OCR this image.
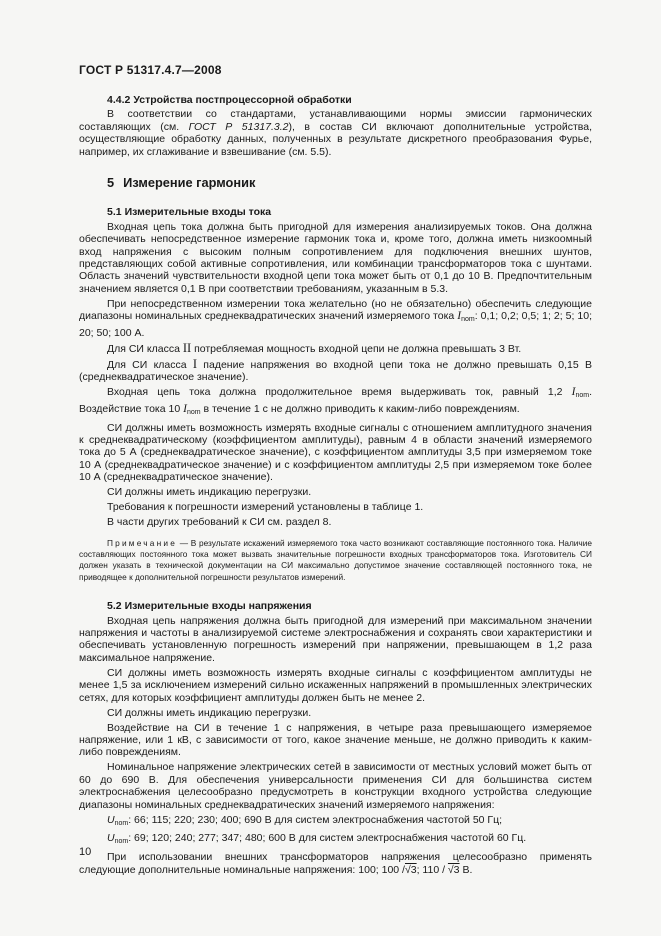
ГОСТ Р 51317.4.7—2008
4.4.2 Устройства постпроцессорной обработки

В соответствии со стандартами, устанавливающими нормы эмиссии гармонических составляющих (см. ГОСТ Р 51317.3.2), в состав СИ включают дополнительные устройства, осуществляющие обработку данных, полученных в результате дискретного преобразования Фурье, например, их сглаживание и взвешивание (см. 5.5).

5 Измерение гармоник
5.1 Измерительные входы тока

Входная цепь тока должна быть пригодной для измерения анализируемых токов. Она должна обеспечивать непосредственное измерение гармоник тока и, кроме того, должна иметь низкоомный вход напряжения с высоким полным сопротивлением для подключения внешних шунтов, представляющих собой активные сопротивления, или комбинации трансформаторов тока с шунтами. Область значений чувствительности входной цепи тока может быть от 0,1 до 10 В. Предпочтительным значением является 0,1 В при соответствии требованиям, указанным в 5.3.

При непосредственном измерении тока желательно (но не обязательно) обеспечить следующие диапазоны номинальных среднеквадратических значений измеряемого тока $I_{nom}$: 0,1; 0,2; 0,5; 1; 2; 5; 10; 20; 50; 100 А.

Для СИ класса II потребляемая мощность входной цепи не должна превышать 3 Вт.

Для СИ класса I падение напряжения во входной цепи тока не должно превышать 0,15 В (среднеквадратическое значение).

Входная цепь тока должна продолжительное время выдерживать ток, равный 1,2 $I_{nom}$. Воздействие тока 10 $I_{nom}$ в течение 1 с не должно приводить к каким-либо повреждениям.

СИ должны иметь возможность измерять входные сигналы с отношением амплитудного значения к среднеквадратическому (коэффициентом амплитуды), равным 4 в области значений измеряемого тока до 5 А (среднеквадратическое значение), с коэффициентом амплитуды 3,5 при измеряемом токе 10 А (среднеквадратическое значение) и с коэффициентом амплитуды 2,5 при измеряемом токе более 10 А (среднеквадратическое значение).

СИ должны иметь индикацию перегрузки.

Требования к погрешности измерений установлены в таблице 1.

В части других требований к СИ см. раздел 8.

Примечание — В результате искажений измеряемого тока часто возникают составляющие постоянного тока. Наличие составляющих постоянного тока может вызвать значительные погрешности входных трансформаторов тока. Изготовитель СИ должен указать в технической документации на СИ максимально допустимое значение составляющей постоянного тока, не приводящее к дополнительной погрешности результатов измерений.

5.2 Измерительные входы напряжения

Входная цепь напряжения должна быть пригодной для измерений при максимальном значении напряжения и частоты в анализируемой системе электроснабжения и сохранять свои характеристики и обеспечивать установленную погрешность измерений при напряжении, превышающем в 1,2 раза максимальное напряжение.

СИ должны иметь возможность измерять входные сигналы с коэффициентом амплитуды не менее 1,5 за исключением измерений сильно искаженных напряжений в промышленных электрических сетях, для которых коэффициент амплитуды должен быть не менее 2.

СИ должны иметь индикацию перегрузки.

Воздействие на СИ в течение 1 с напряжения, в четыре раза превышающего измеряемое напряжение, или 1 кВ, с зависимости от того, какое значение меньше, не должно приводить к каким-либо повреждениям.

Номинальное напряжение электрических сетей в зависимости от местных условий может быть от 60 до 690 В. Для обеспечения универсальности применения СИ для большинства систем электроснабжения целесообразно предусмотреть в конструкции входного устройства следующие диапазоны номинальных среднеквадратических значений измеряемого напряжения:

$U_{nom}$: 66; 115; 220; 230; 400; 690 В для систем электроснабжения частотой 50 Гц;

$U_{nom}$: 69; 120; 240; 277; 347; 480; 600 В для систем электроснабжения частотой 60 Гц.

При использовании внешних трансформаторов напряжения целесообразно применять следующие дополнительные номинальные напряжения: 100; 100 /√3; 110 / √3 В.

10
